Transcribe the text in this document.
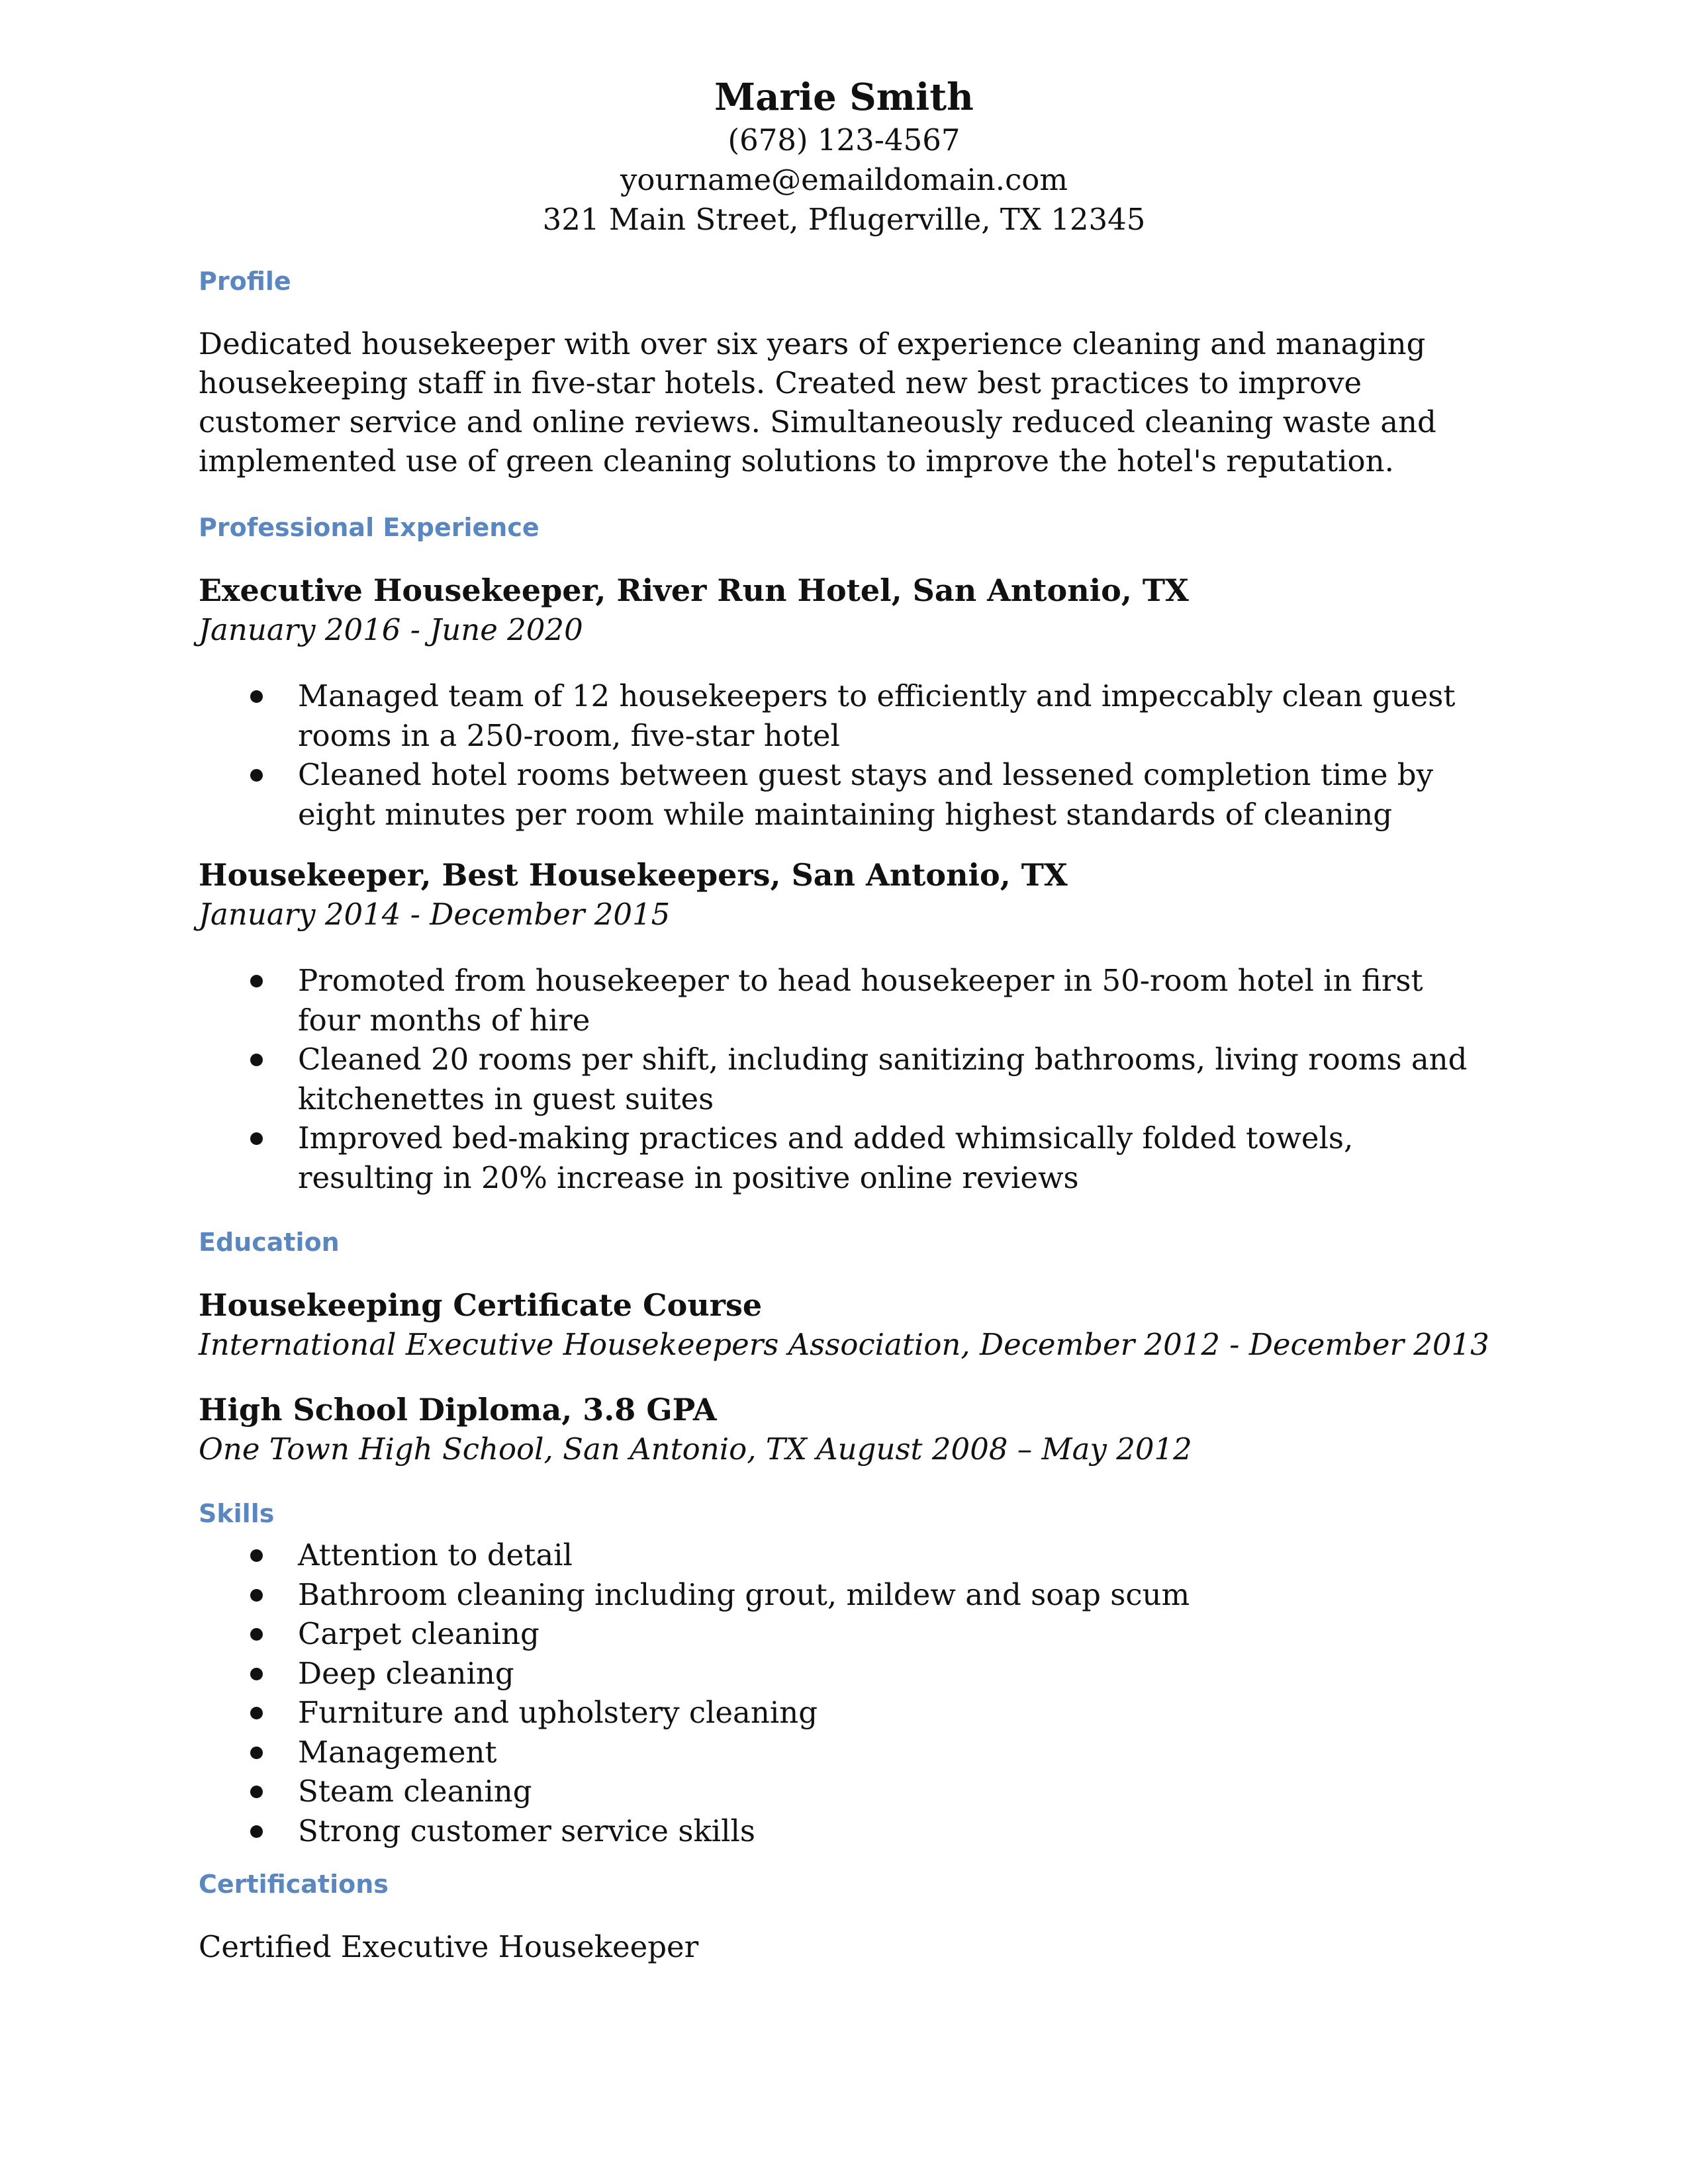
Marie Smith
(678) 123-4567
yourname@emaildomain.com
321 Main Street, Pflugerville, TX 12345
Profile
Dedicated housekeeper with over six years of experience cleaning and managing housekeeping staff in five-star hotels. Created new best practices to improve customer service and online reviews. Simultaneously reduced cleaning waste and implemented use of green cleaning solutions to improve the hotel's reputation.
Professional Experience
Executive Housekeeper, River Run Hotel, San Antonio, TX
January 2016 - June 2020
Managed team of 12 housekeepers to efficiently and impeccably clean guest rooms in a 250-room, five-star hotel
Cleaned hotel rooms between guest stays and lessened completion time by eight minutes per room while maintaining highest standards of cleaning
Housekeeper, Best Housekeepers, San Antonio, TX
January 2014 - December 2015
Promoted from housekeeper to head housekeeper in 50-room hotel in first four months of hire
Cleaned 20 rooms per shift, including sanitizing bathrooms, living rooms and kitchenettes in guest suites
Improved bed-making practices and added whimsically folded towels, resulting in 20% increase in positive online reviews
Education
Housekeeping Certificate Course
International Executive Housekeepers Association, December 2012 - December 2013
High School Diploma, 3.8 GPA
One Town High School, San Antonio, TX August 2008 – May 2012
Skills
Attention to detail
Bathroom cleaning including grout, mildew and soap scum
Carpet cleaning
Deep cleaning
Furniture and upholstery cleaning
Management
Steam cleaning
Strong customer service skills
Certifications
Certified Executive Housekeeper
